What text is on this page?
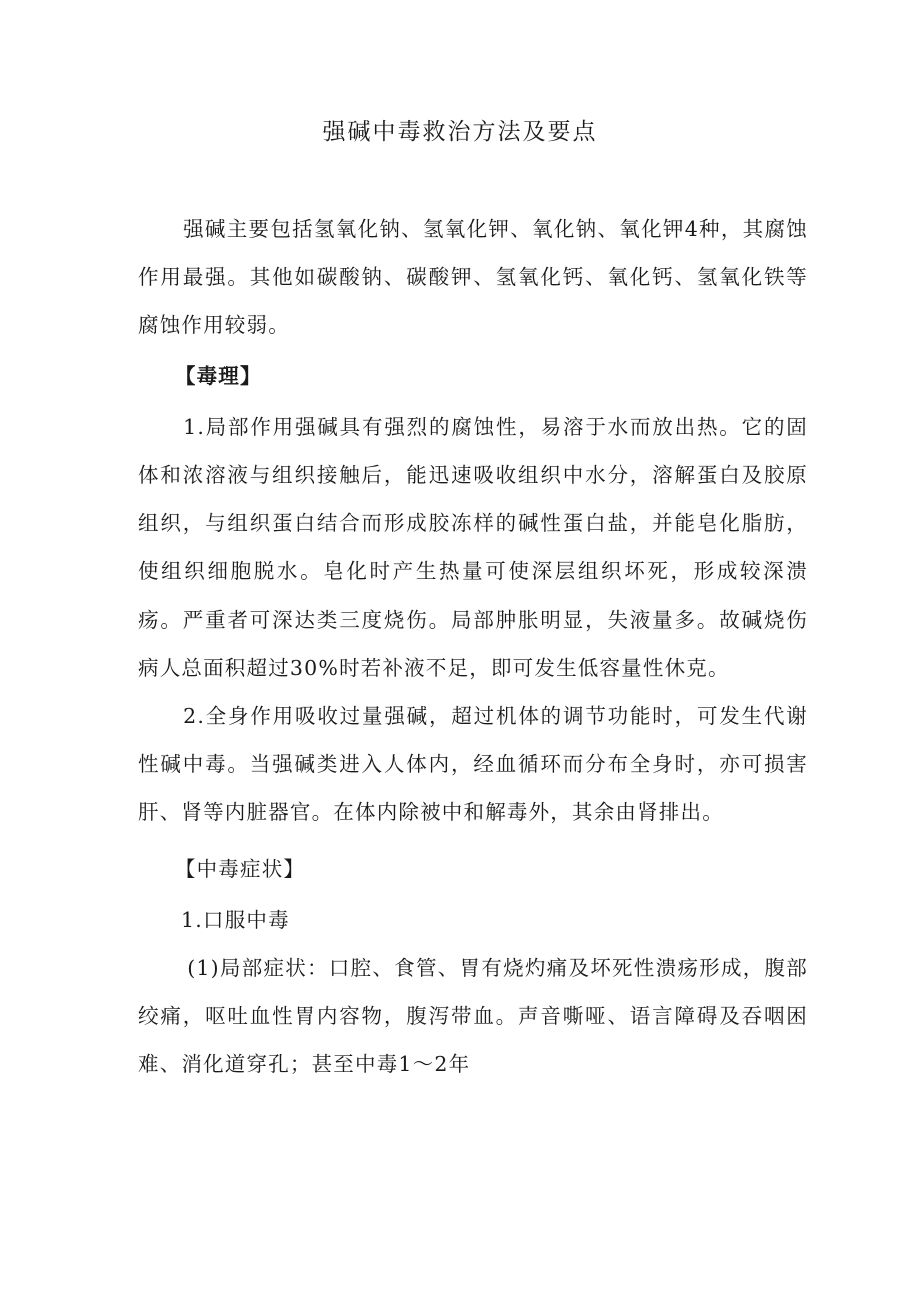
强碱中毒救治方法及要点

强碱主要包括氢氧化钠、氢氧化钾、氧化钠、氧化钾4种，其腐蚀作用最强。其他如碳酸钠、碳酸钾、氢氧化钙、氧化钙、氢氧化铁等腐蚀作用较弱。

【毒理】

1.局部作用强碱具有强烈的腐蚀性，易溶于水而放出热。它的固体和浓溶液与组织接触后，能迅速吸收组织中水分，溶解蛋白及胶原组织，与组织蛋白结合而形成胶冻样的碱性蛋白盐，并能皂化脂肪，使组织细胞脱水。皂化时产生热量可使深层组织坏死，形成较深溃疡。严重者可深达类三度烧伤。局部肿胀明显，失液量多。故碱烧伤病人总面积超过30%时若补液不足，即可发生低容量性休克。

2.全身作用吸收过量强碱，超过机体的调节功能时，可发生代谢性碱中毒。当强碱类进入人体内，经血循环而分布全身时，亦可损害肝、肾等内脏器官。在体内除被中和解毒外，其余由肾排出。

【中毒症状】

1.口服中毒

(1)局部症状：口腔、食管、胃有烧灼痛及坏死性溃疡形成，腹部绞痛，呕吐血性胃内容物，腹泻带血。声音嘶哑、语言障碍及吞咽困难、消化道穿孔；甚至中毒1～2年
